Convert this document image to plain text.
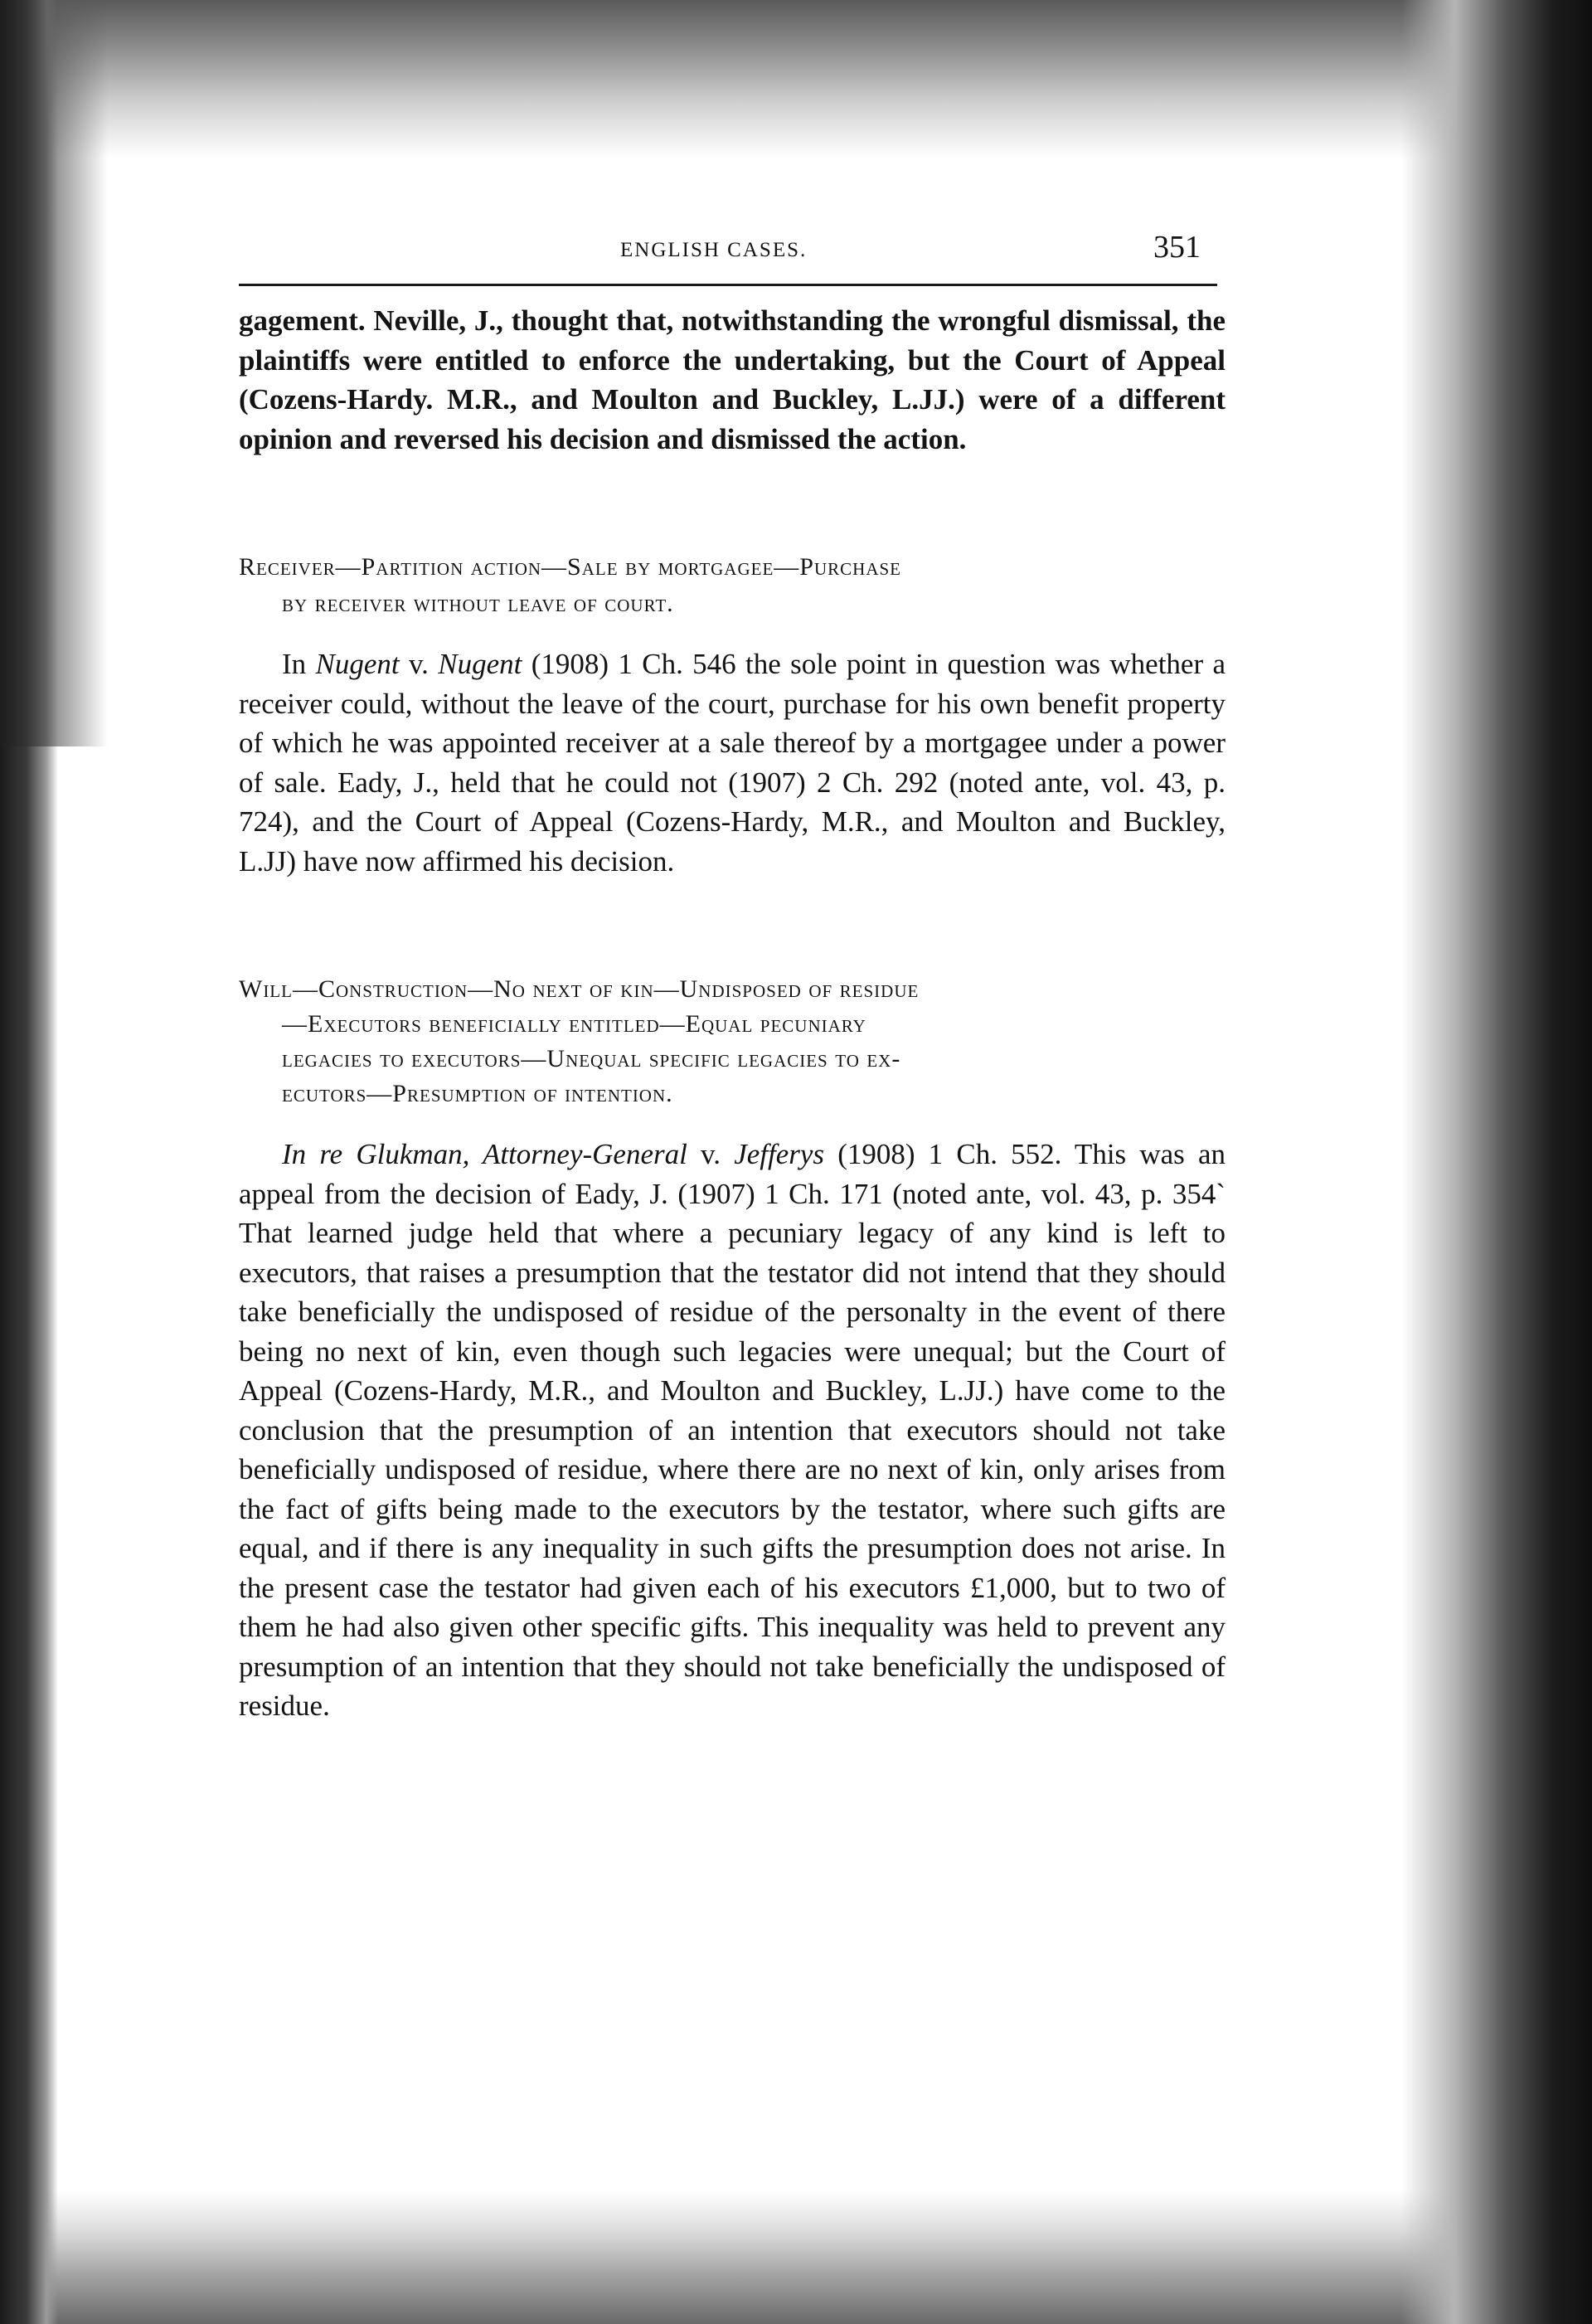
ENGLISH CASES.	351

gagement. Neville, J., thought that, notwithstanding the wrongful dismissal, the plaintiffs were entitled to enforce the undertaking, but the Court of Appeal (Cozens-Hardy. M.R., and Moulton and Buckley, L.JJ.) were of a different opinion and reversed his decision and dismissed the action.

Receiver—Partition action—Sale by mortgagee—Purchase
by receiver without leave of court.

In Nugent v. Nugent (1908) 1 Ch. 546 the sole point in question was whether a receiver could, without the leave of the court, purchase for his own benefit property of which he was appointed receiver at a sale thereof by a mortgagee under a power of sale. Eady, J., held that he could not (1907) 2 Ch. 292 (noted ante, vol. 43, p. 724), and the Court of Appeal (Cozens-Hardy, M.R., and Moulton and Buckley, L.JJ) have now affirmed his decision.

Will—Construction—No next of kin—Undisposed of residue
—Executors beneficially entitled—Equal pecuniary
legacies to executors—Unequal specific legacies to ex-
ecutors—Presumption of intention.

In re Glukman, Attorney-General v. Jefferys (1908) 1 Ch. 552. This was an appeal from the decision of Eady, J. (1907) 1 Ch. 171 (noted ante, vol. 43, p. 354` That learned judge held that where a pecuniary legacy of any kind is left to executors, that raises a presumption that the testator did not intend that they should take beneficially the undisposed of residue of the personalty in the event of there being no next of kin, even though such legacies were unequal; but the Court of Appeal (Cozens-Hardy, M.R., and Moulton and Buckley, L.JJ.) have come to the conclusion that the presumption of an intention that executors should not take beneficially undisposed of residue, where there are no next of kin, only arises from the fact of gifts being made to the executors by the testator, where such gifts are equal, and if there is any inequality in such gifts the presumption does not arise. In the present case the testator had given each of his executors £1,000, but to two of them he had also given other specific gifts. This inequality was held to prevent any presumption of an intention that they should not take beneficially the undisposed of residue.
